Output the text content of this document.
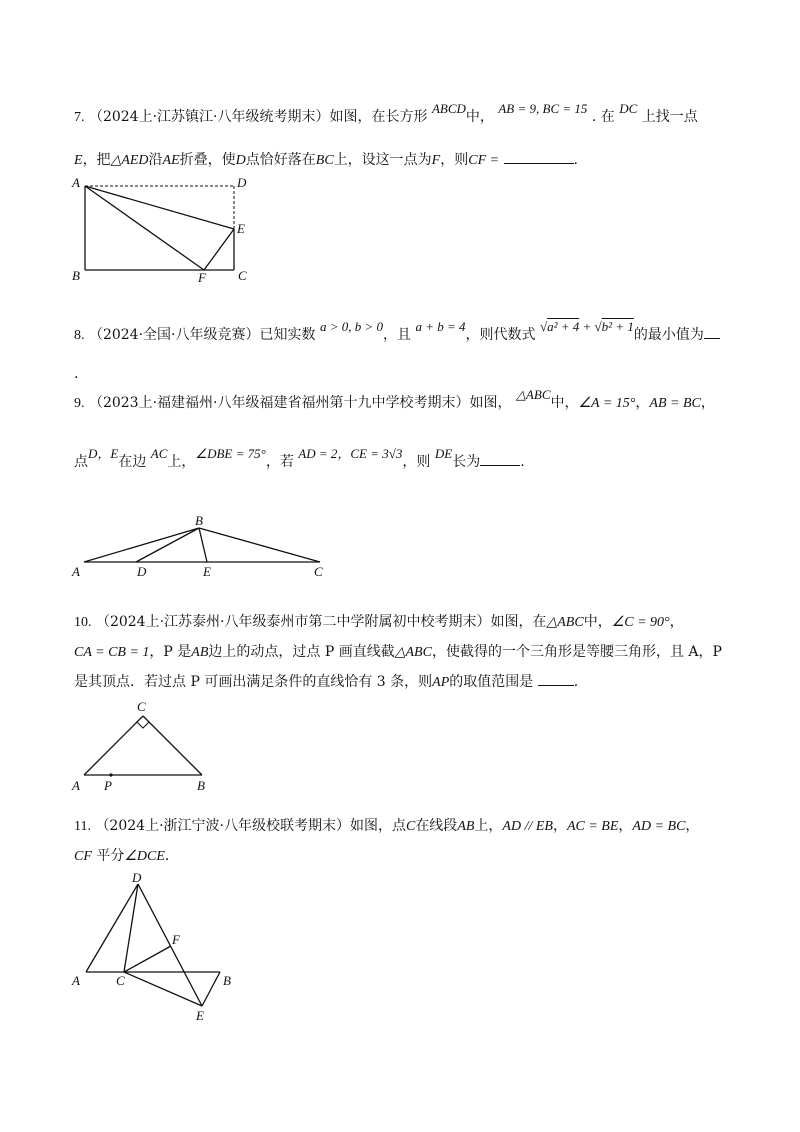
7. （2024上·江苏镇江·八年级统考期末）如图，在长方形 ABCD中， AB = 9, BC = 15 . 在 DC 上找一点
E，把△AED沿AE折叠，使D点恰好落在BC上，设这一点为F，则CF =	.
A	D
E
B	F C
8. （2024·全国·八年级竞赛）已知实数 a > 0, b > 0，且 a + b = 4，则代数式 √a² + 4 + √b² + 1的最小值为
.
9. （2023上·福建福州·八年级福建省福州第十九中学校考期末）如图， △ABC中，∠A = 15°，AB = BC，
点D，E在边 AC上，∠DBE = 75°，若 AD = 2，CE = 3√3，则 DE长为	.
B
A	D	E	C
10. （2024上·江苏泰州·八年级泰州市第二中学附属初中校考期末）如图，在△ABC中，∠C = 90°，
CA = CB = 1，P 是AB边上的动点，过点 P 画直线截△ABC，使截得的一个三角形是等腰三角形，且 A，P
是其顶点．若过点 P 可画出满足条件的直线恰有 3 条，则AP的取值范围是	.
C
A P	B
11. （2024上·浙江宁波·八年级校联考期末）如图，点C在线段AB上，AD // EB，AC = BE，AD = BC，
CF 平分∠DCE．
D
F
A	C	B
E
